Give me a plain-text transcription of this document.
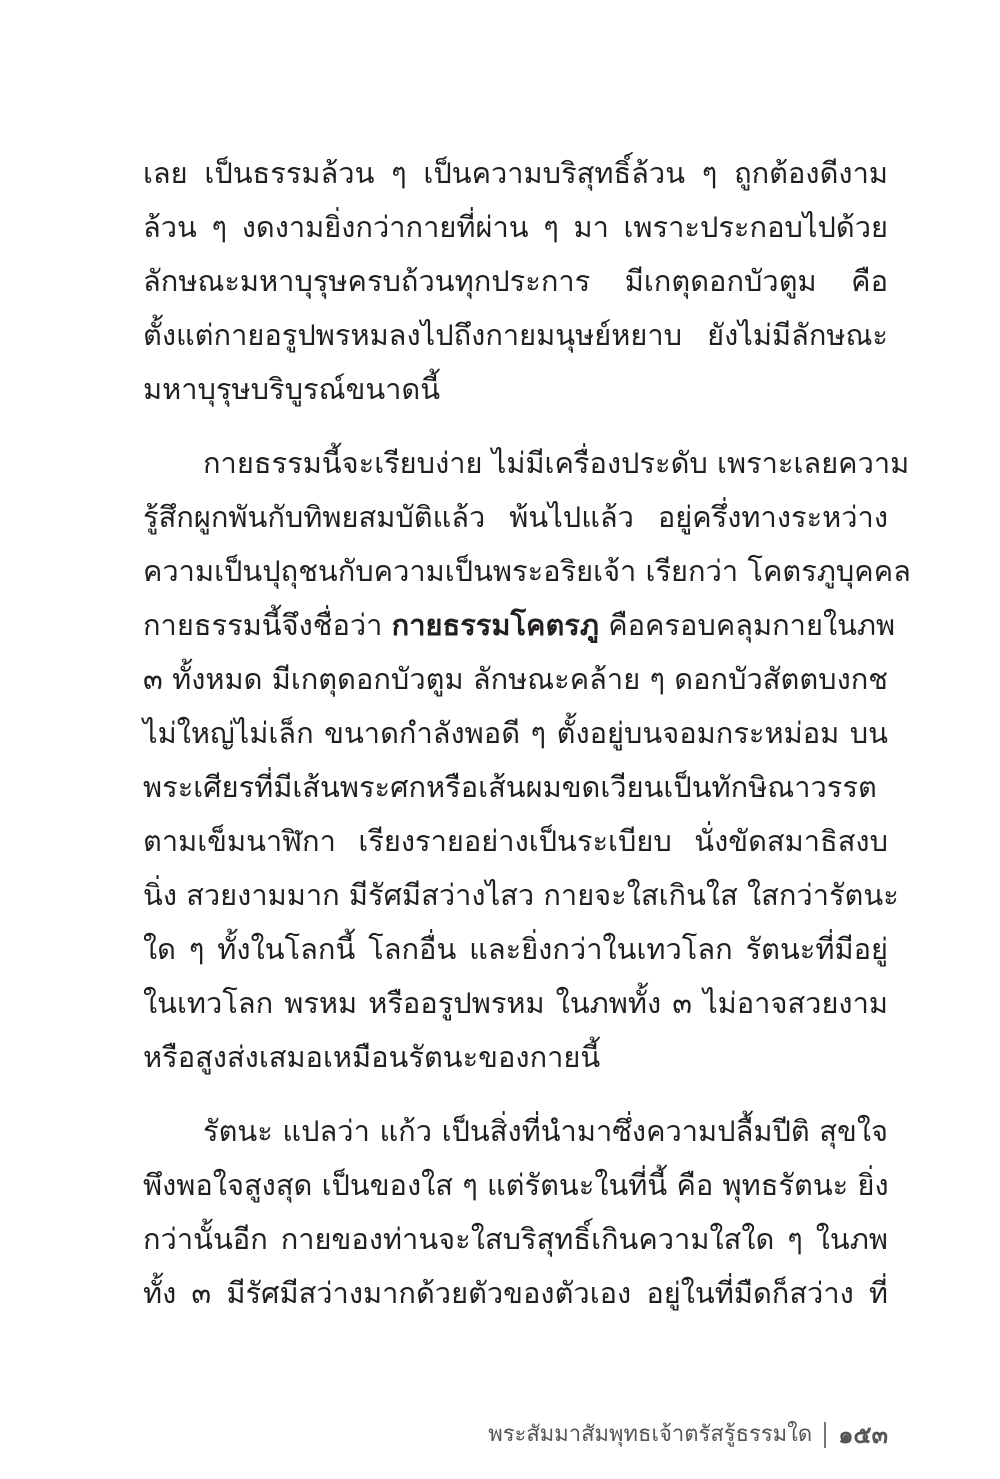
เลย เป็นธรรมล้วน ๆ เป็นความบริสุทธิ์ล้วน ๆ ถูกต้องดีงาม
ล้วน ๆ งดงามยิ่งกว่ากายที่ผ่าน ๆ มา เพราะประกอบไปด้วย
ลักษณะมหาบุรุษครบถ้วนทุกประการ มีเกตุดอกบัวตูม คือ
ตั้งแต่กายอรูปพรหมลงไปถึงกายมนุษย์หยาบ ยังไม่มีลักษณะ
มหาบุรุษบริบูรณ์ขนาดนี้

กายธรรมนี้จะเรียบง่าย ไม่มีเครื่องประดับ เพราะเลยความ
รู้สึกผูกพันกับทิพยสมบัติแล้ว พ้นไปแล้ว อยู่ครึ่งทางระหว่าง
ความเป็นปุถุชนกับความเป็นพระอริยเจ้า เรียกว่า โคตรภูบุคคล
กายธรรมนี้จึงชื่อว่า กายธรรมโคตรภู คือครอบคลุมกายในภพ
๓ ทั้งหมด มีเกตุดอกบัวตูม ลักษณะคล้าย ๆ ดอกบัวสัตตบงกช
ไม่ใหญ่ไม่เล็ก ขนาดกำลังพอดี ๆ ตั้งอยู่บนจอมกระหม่อม บน
พระเศียรที่มีเส้นพระศกหรือเส้นผมขดเวียนเป็นทักษิณาวรรต
ตามเข็มนาฬิกา เรียงรายอย่างเป็นระเบียบ นั่งขัดสมาธิสงบ
นิ่ง สวยงามมาก มีรัศมีสว่างไสว กายจะใสเกินใส ใสกว่ารัตนะ
ใด ๆ ทั้งในโลกนี้ โลกอื่น และยิ่งกว่าในเทวโลก รัตนะที่มีอยู่
ในเทวโลก พรหม หรืออรูปพรหม ในภพทั้ง ๓ ไม่อาจสวยงาม
หรือสูงส่งเสมอเหมือนรัตนะของกายนี้

รัตนะ แปลว่า แก้ว เป็นสิ่งที่นำมาซึ่งความปลื้มปีติ สุขใจ
พึงพอใจสูงสุด เป็นของใส ๆ แต่รัตนะในที่นี้ คือ พุทธรัตนะ ยิ่ง
กว่านั้นอีก กายของท่านจะใสบริสุทธิ์เกินความใสใด ๆ ในภพ
ทั้ง ๓ มีรัศมีสว่างมากด้วยตัวของตัวเอง อยู่ในที่มืดก็สว่าง ที่

พระสัมมาสัมพุทธเจ้าตรัสรู้ธรรมใด ๑๕๓
